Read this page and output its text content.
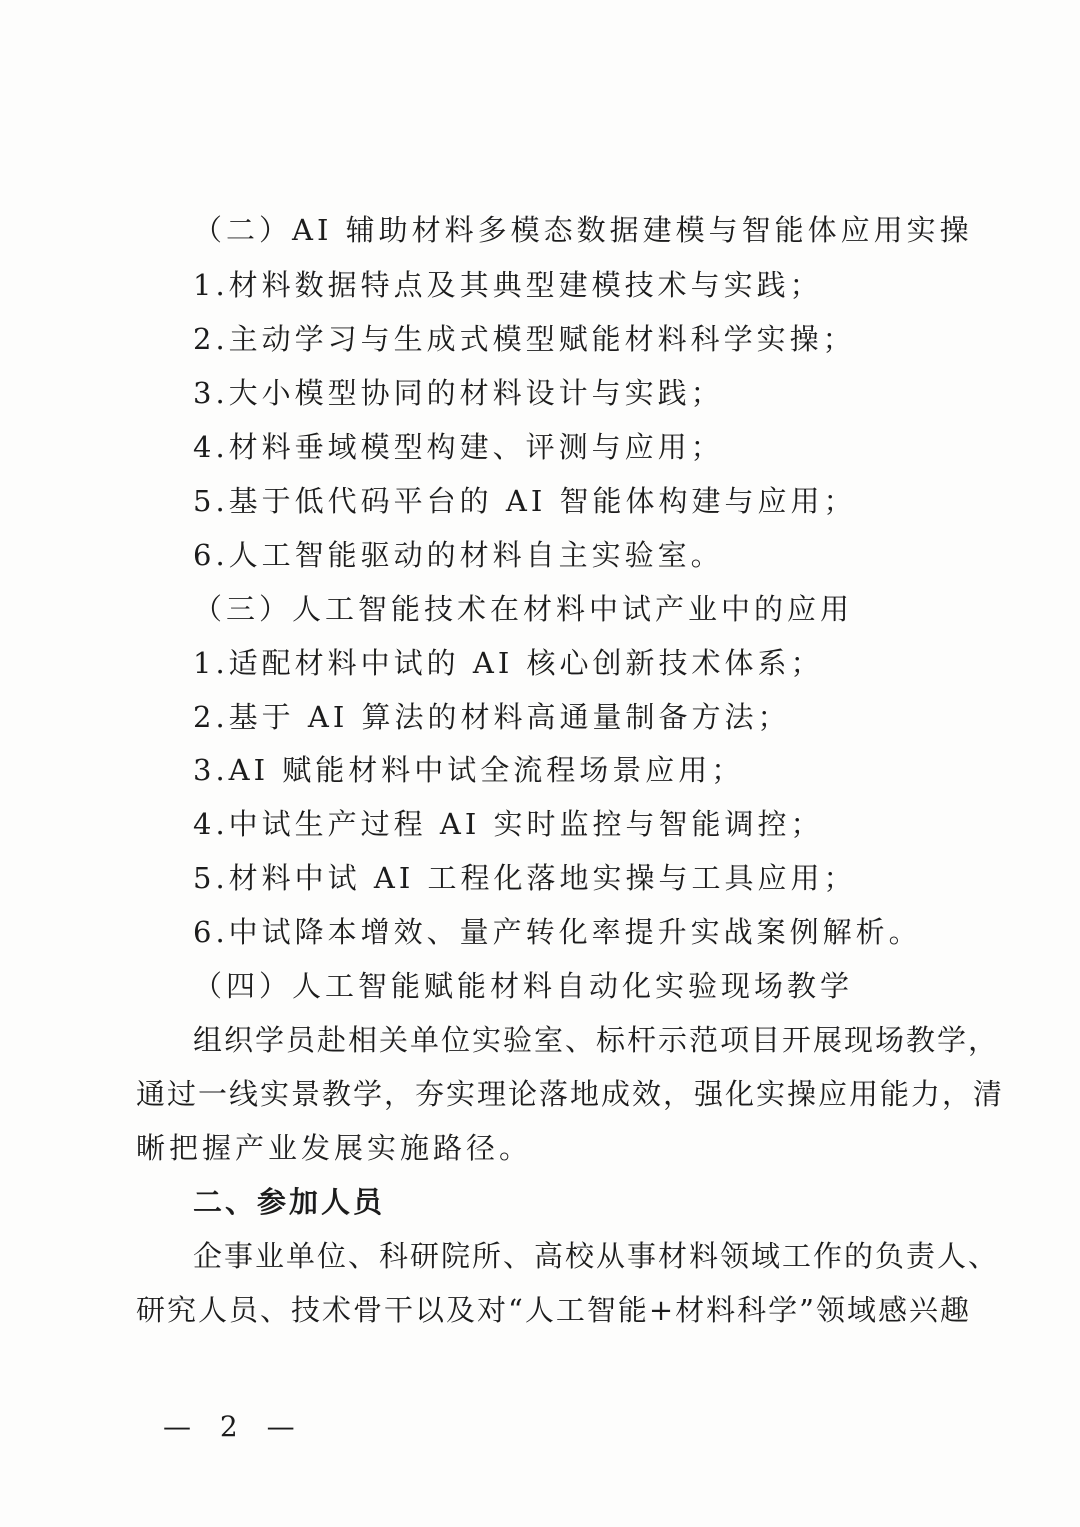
（二）AI 辅助材料多模态数据建模与智能体应用实操
1.材料数据特点及其典型建模技术与实践；
2.主动学习与生成式模型赋能材料科学实操；
3.大小模型协同的材料设计与实践；
4.材料垂域模型构建、评测与应用；
5.基于低代码平台的 AI 智能体构建与应用；
6.人工智能驱动的材料自主实验室。
（三）人工智能技术在材料中试产业中的应用
1.适配材料中试的 AI 核心创新技术体系；
2.基于 AI 算法的材料高通量制备方法；
3.AI 赋能材料中试全流程场景应用；
4.中试生产过程 AI 实时监控与智能调控；
5.材料中试 AI 工程化落地实操与工具应用；
6.中试降本增效、量产转化率提升实战案例解析。
（四）人工智能赋能材料自动化实验现场教学
组织学员赴相关单位实验室、标杆示范项目开展现场教学，
通过一线实景教学，夯实理论落地成效，强化实操应用能力，清
晰把握产业发展实施路径。
二、参加人员
企事业单位、科研院所、高校从事材料领域工作的负责人、
研究人员、技术骨干以及对“人工智能+材料科学”领域感兴趣
— 2 —
